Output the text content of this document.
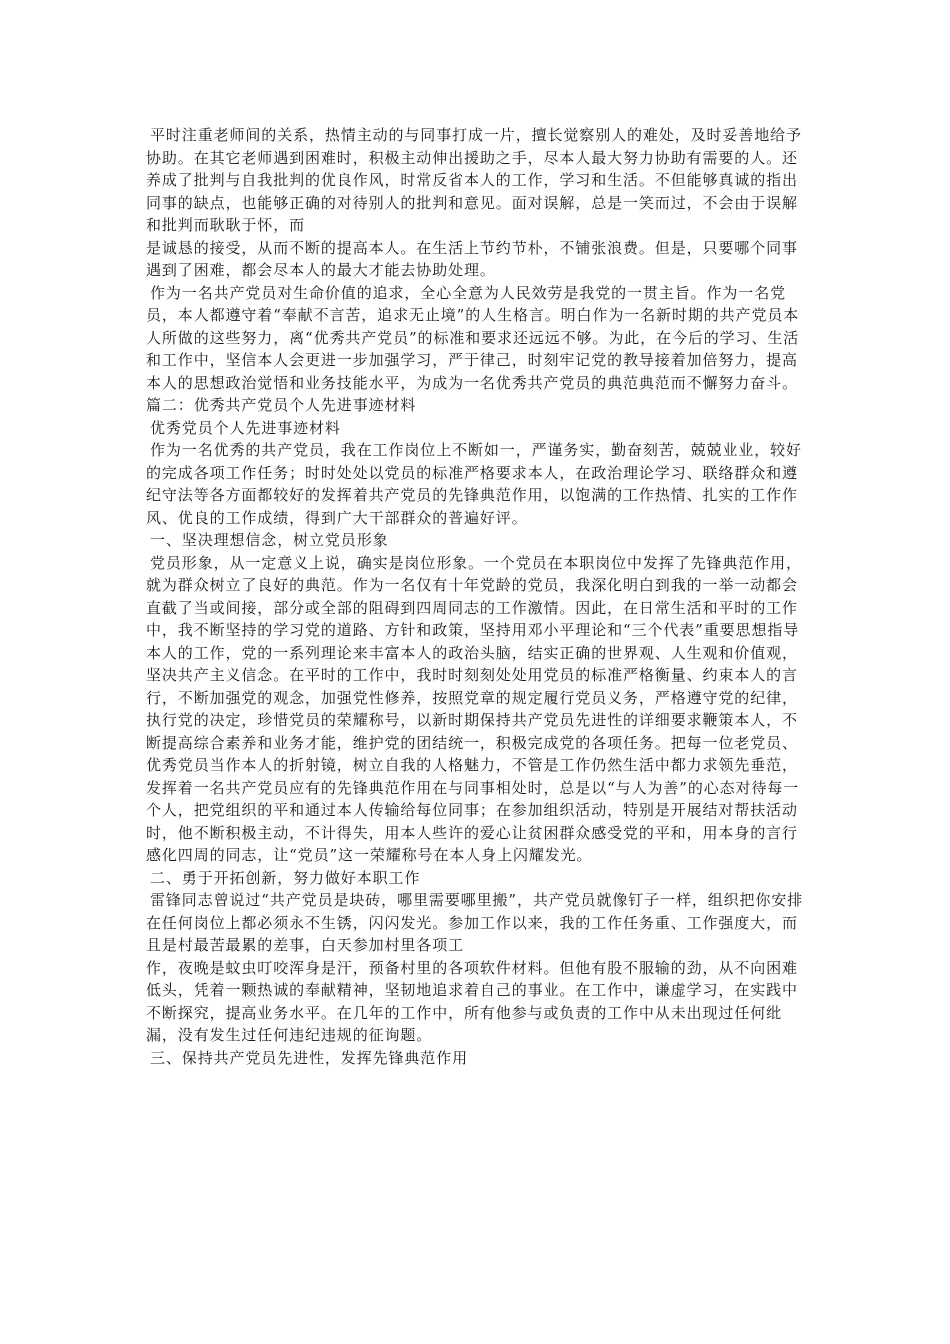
平时注重老师间的关系，热情主动的与同事打成一片，擅长觉察别人的难处，及时妥善地给予协助。在其它老师遇到困难时，积极主动伸出援助之手，尽本人最大努力协助有需要的人。还养成了批判与自我批判的优良作风，时常反省本人的工作，学习和生活。不但能够真诚的指出同事的缺点，也能够正确的对待别人的批判和意见。面对误解，总是一笑而过，不会由于误解和批判而耿耿于怀，而

是诚恳的接受，从而不断的提高本人。在生活上节约节朴，不铺张浪费。但是，只要哪个同事遇到了困难，都会尽本人的最大才能去协助处理。

作为一名共产党员对生命价值的追求，全心全意为人民效劳是我党的一贯主旨。作为一名党员，本人都遵守着“奉献不言苦，追求无止境”的人生格言。明白作为一名新时期的共产党员本人所做的这些努力，离“优秀共产党员”的标准和要求还远远不够。为此，在今后的学习、生活和工作中，坚信本人会更进一步加强学习，严于律己，时刻牢记党的教导接着加倍努力，提高本人的思想政治觉悟和业务技能水平，为成为一名优秀共产党员的典范典范而不懈努力奋斗。

篇二：优秀共产党员个人先进事迹材料

优秀党员个人先进事迹材料

作为一名优秀的共产党员，我在工作岗位上不断如一，严谨务实，勤奋刻苦，兢兢业业，较好的完成各项工作任务；时时处处以党员的标准严格要求本人，在政治理论学习、联络群众和遵纪守法等各方面都较好的发挥着共产党员的先锋典范作用，以饱满的工作热情、扎实的工作作风、优良的工作成绩，得到广大干部群众的普遍好评。

一、坚决理想信念，树立党员形象

党员形象，从一定意义上说，确实是岗位形象。一个党员在本职岗位中发挥了先锋典范作用，就为群众树立了良好的典范。作为一名仅有十年党龄的党员，我深化明白到我的一举一动都会直截了当或间接，部分或全部的阻碍到四周同志的工作激情。因此，在日常生活和平时的工作中，我不断坚持的学习党的道路、方针和政策，坚持用邓小平理论和“三个代表”重要思想指导本人的工作，党的一系列理论来丰富本人的政治头脑，结实正确的世界观、人生观和价值观，坚决共产主义信念。在平时的工作中，我时时刻刻处处用党员的标准严格衡量、约束本人的言行，不断加强党的观念，加强党性修养，按照党章的规定履行党员义务，严格遵守党的纪律，执行党的决定，珍惜党员的荣耀称号，以新时期保持共产党员先进性的详细要求鞭策本人，不断提高综合素养和业务才能，维护党的团结统一，积极完成党的各项任务。把每一位老党员、优秀党员当作本人的折射镜，树立自我的人格魅力，不管是工作仍然生活中都力求领先垂范，发挥着一名共产党员应有的先锋典范作用在与同事相处时，总是以“与人为善”的心态对待每一个人，把党组织的平和通过本人传输给每位同事；在参加组织活动，特别是开展结对帮扶活动时，他不断积极主动，不计得失，用本人些许的爱心让贫困群众感受党的平和，用本身的言行感化四周的同志，让“党员”这一荣耀称号在本人身上闪耀发光。

二、勇于开拓创新，努力做好本职工作

雷锋同志曾说过“共产党员是块砖，哪里需要哪里搬”，共产党员就像钉子一样，组织把你安排在任何岗位上都必须永不生锈，闪闪发光。参加工作以来，我的工作任务重、工作强度大，而且是村最苦最累的差事，白天参加村里各项工

作，夜晚是蚊虫叮咬浑身是汗，预备村里的各项软件材料。但他有股不服输的劲，从不向困难低头，凭着一颗热诚的奉献精神，坚韧地追求着自己的事业。在工作中，谦虚学习，在实践中不断探究，提高业务水平。在几年的工作中，所有他参与或负责的工作中从未出现过任何纰漏，没有发生过任何违纪违规的征询题。

三、保持共产党员先进性，发挥先锋典范作用
